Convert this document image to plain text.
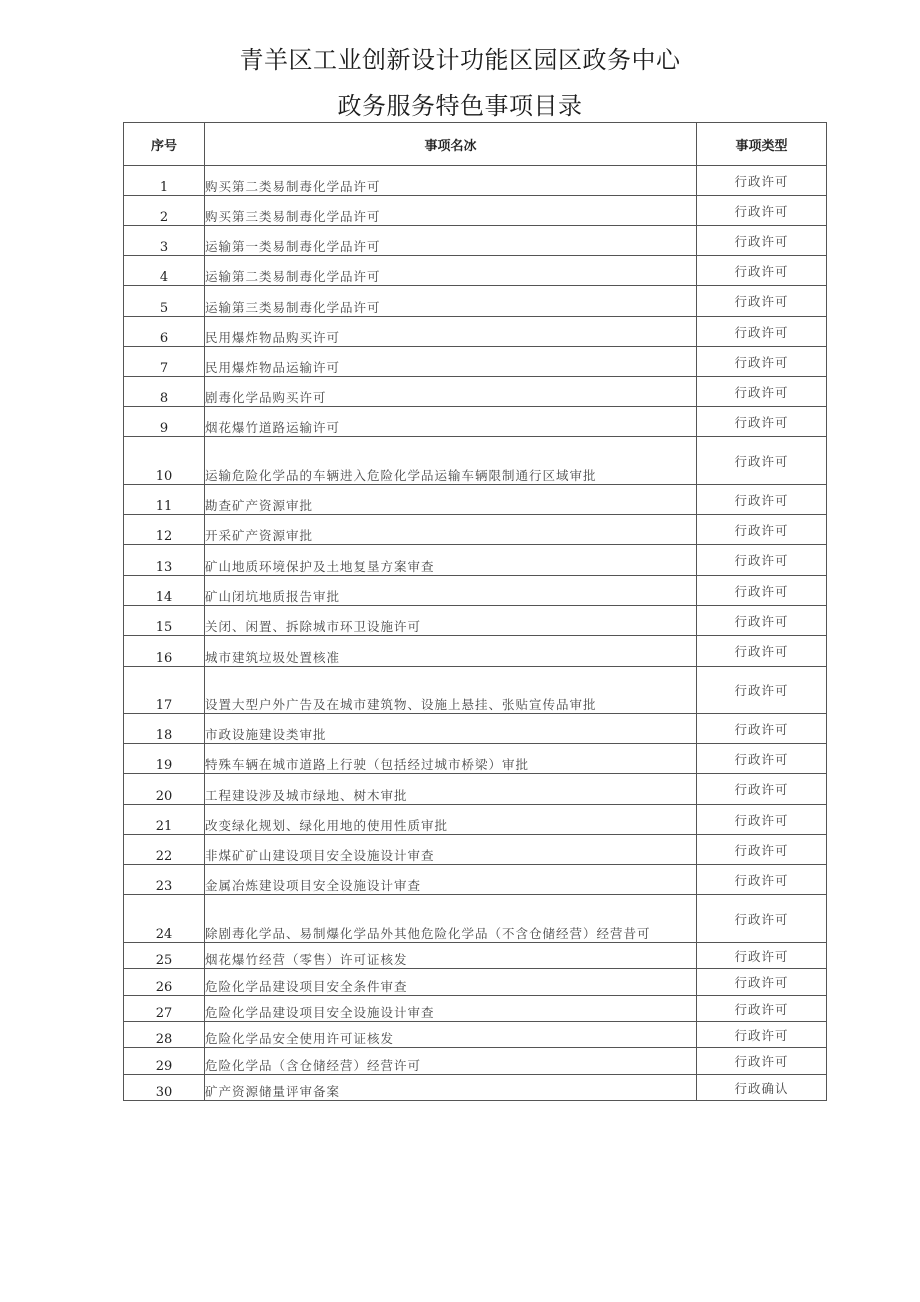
青羊区工业创新设计功能区园区政务中心
政务服务特色事项目录
序号	事项名冰	事项类型
1	购买第二类易制毒化学品许可	行政许可
2	购买第三类易制毒化学品许可	行政许可
3	运输第一类易制毒化学品许可	行政许可
4	运输第二类易制毒化学品许可	行政许可
5	运输第三类易制毒化学品许可	行政许可
6	民用爆炸物品购买许可	行政许可
7	民用爆炸物品运输许可	行政许可
8	剧毒化学品购买许可	行政许可
9	烟花爆竹道路运输许可	行政许可
10	运输危险化学品的车辆进入危险化学品运输车辆限制通行区域审批	行政许可
11	勘查矿产资源审批	行政许可
12	开采矿产资源审批	行政许可
13	矿山地质环境保护及土地复垦方案审查	行政许可
14	矿山闭坑地质报告审批	行政许可
15	关闭、闲置、拆除城市环卫设施许可	行政许可
16	城市建筑垃圾处置核准	行政许可
17	设置大型户外广告及在城市建筑物、设施上悬挂、张贴宣传品审批	行政许可
18	市政设施建设类审批	行政许可
19	特殊车辆在城市道路上行驶（包括经过城市桥梁）审批	行政许可
20	工程建设涉及城市绿地、树木审批	行政许可
21	改变绿化规划、绿化用地的使用性质审批	行政许可
22	非煤矿矿山建设项目安全设施设计审查	行政许可
23	金属冶炼建设项目安全设施设计审查	行政许可
24	除剧毒化学品、易制爆化学品外其他危险化学品（不含仓储经营）经营昔可	行政许可
25	烟花爆竹经营（零售）许可证核发	行政许可
26	危险化学品建设项目安全条件审查	行政许可
27	危险化学品建设项目安全设施设计审查	行政许可
28	危险化学品安全使用许可证核发	行政许可
29	危险化学品（含仓储经营）经营许可	行政许可
30	矿产资源储量评审备案	行政确认
